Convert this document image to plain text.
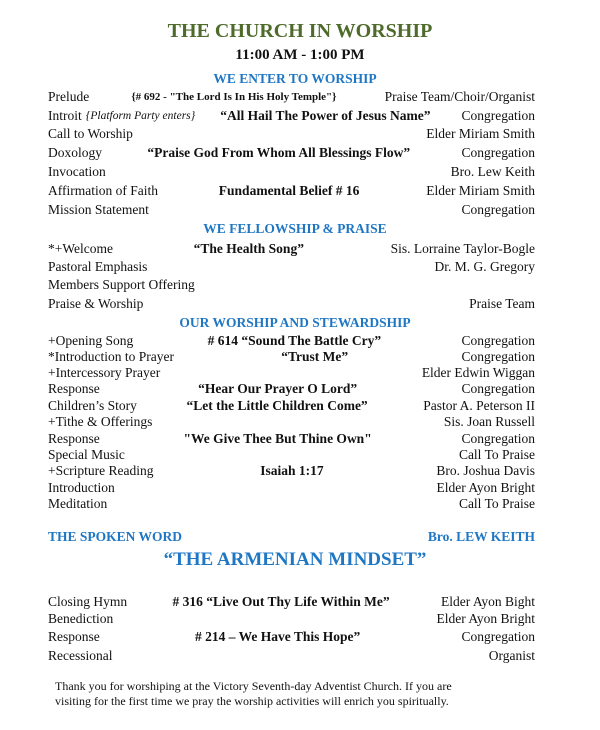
THE CHURCH IN WORSHIP
11:00 AM - 1:00 PM
WE ENTER TO WORSHIP
Prelude	{# 692 - "The Lord Is In His Holy Temple"}	Praise Team/Choir/Organist
Introit {Platform Party enters}	“All Hail The Power of Jesus Name”	Congregation
Call to Worship	Elder Miriam Smith
Doxology	“Praise God From Whom All Blessings Flow”	Congregation
Invocation	Bro. Lew Keith
Affirmation of Faith	Fundamental Belief # 16	Elder Miriam Smith
Mission Statement	Congregation
WE FELLOWSHIP & PRAISE
*+Welcome	“The Health Song”	Sis. Lorraine Taylor-Bogle
Pastoral Emphasis	Dr. M. G. Gregory
Members Support Offering
Praise & Worship	Praise Team
OUR WORSHIP AND STEWARDSHIP
+Opening Song	# 614 “Sound The Battle Cry”	Congregation
*Introduction to Prayer	“Trust Me”	Congregation
+Intercessory Prayer	Elder Edwin Wiggan
Response	“Hear Our Prayer O Lord”	Congregation
Children’s Story	“Let the Little Children Come”	Pastor A. Peterson II
+Tithe & Offerings	Sis. Joan Russell
Response	"We Give Thee But Thine Own"	Congregation
Special Music	Call To Praise
+Scripture Reading	Isaiah 1:17	Bro. Joshua Davis
Introduction	Elder Ayon Bright
Meditation	Call To Praise
Closing Hymn	# 316 “Live Out Thy Life Within Me”	Elder Ayon Bight
Benediction	Elder Ayon Bright
Response	# 214 – We Have This Hope”	Congregation
Recessional	Organist
THE SPOKEN WORD	Bro. LEW KEITH
“THE ARMENIAN MINDSET”
Thank you for worshiping at the Victory Seventh-day Adventist Church. If you are
visiting for the first time we pray the worship activities will enrich you spiritually.
